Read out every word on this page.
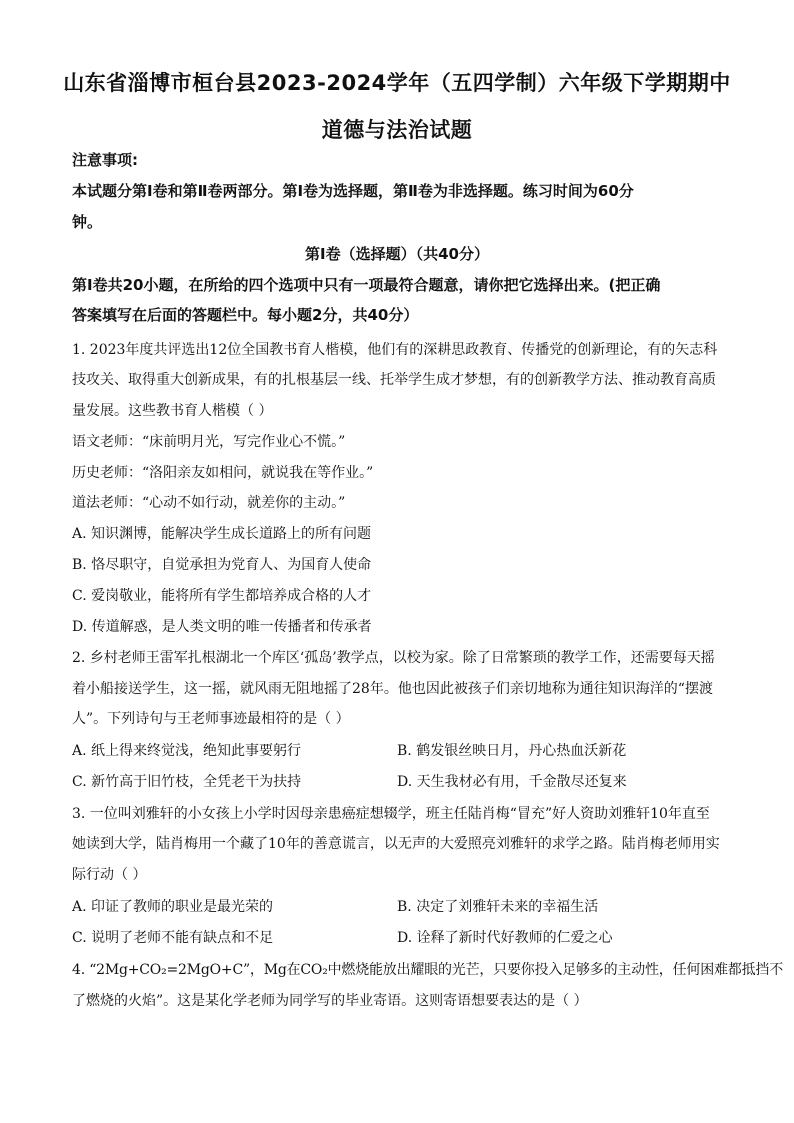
山东省淄博市桓台县2023-2024学年（五四学制）六年级下学期期中
道德与法治试题
注意事项:
本试题分第Ⅰ卷和第Ⅱ卷两部分。第Ⅰ卷为选择题，第Ⅱ卷为非选择题。练习时间为60分
钟。
第Ⅰ卷（选择题）（共40分）
第Ⅰ卷共20小题，在所给的四个选项中只有一项最符合题意，请你把它选择出来。(把正确
答案填写在后面的答题栏中。每小题2分，共40分）
1. 2023年度共评选出12位全国教书育人楷模，他们有的深耕思政教育、传播党的创新理论，有的矢志科
技攻关、取得重大创新成果，有的扎根基层一线、托举学生成才梦想，有的创新教学方法、推动教育高质
量发展。这些教书育人楷模（ ）
语文老师：“床前明月光，写完作业心不慌。”
历史老师：“洛阳亲友如相问，就说我在等作业。”
道法老师：“心动不如行动，就差你的主动。”
A. 知识渊博，能解决学生成长道路上的所有问题
B. 恪尽职守，自觉承担为党育人、为国育人使命
C. 爱岗敬业，能将所有学生都培养成合格的人才
D. 传道解惑，是人类文明的唯一传播者和传承者
2. 乡村老师王雷军扎根湖北一个库区‘孤岛’教学点，以校为家。除了日常繁琐的教学工作，还需要每天摇
着小船接送学生，这一摇，就风雨无阻地摇了28年。他也因此被孩子们亲切地称为通往知识海洋的“摆渡
人”。下列诗句与王老师事迹最相符的是（ ）
A. 纸上得来终觉浅，绝知此事要躬行	B. 鹤发银丝映日月，丹心热血沃新花
C. 新竹高于旧竹枝，全凭老干为扶持	D. 天生我材必有用，千金散尽还复来
3. 一位叫刘雅轩的小女孩上小学时因母亲患癌症想辍学，班主任陆肖梅“冒充”好人资助刘雅轩10年直至
她读到大学，陆肖梅用一个藏了10年的善意谎言，以无声的大爱照亮刘雅轩的求学之路。陆肖梅老师用实
际行动（ ）
A. 印证了教师的职业是最光荣的	B. 决定了刘雅轩未来的幸福生活
C. 说明了老师不能有缺点和不足	D. 诠释了新时代好教师的仁爱之心
4. “2Mg+CO₂=2MgO+C”，Mg在CO₂中燃烧能放出耀眼的光芒，只要你投入足够多的主动性，任何困难都抵挡不
了燃烧的火焰”。这是某化学老师为同学写的毕业寄语。这则寄语想要表达的是（ ）
